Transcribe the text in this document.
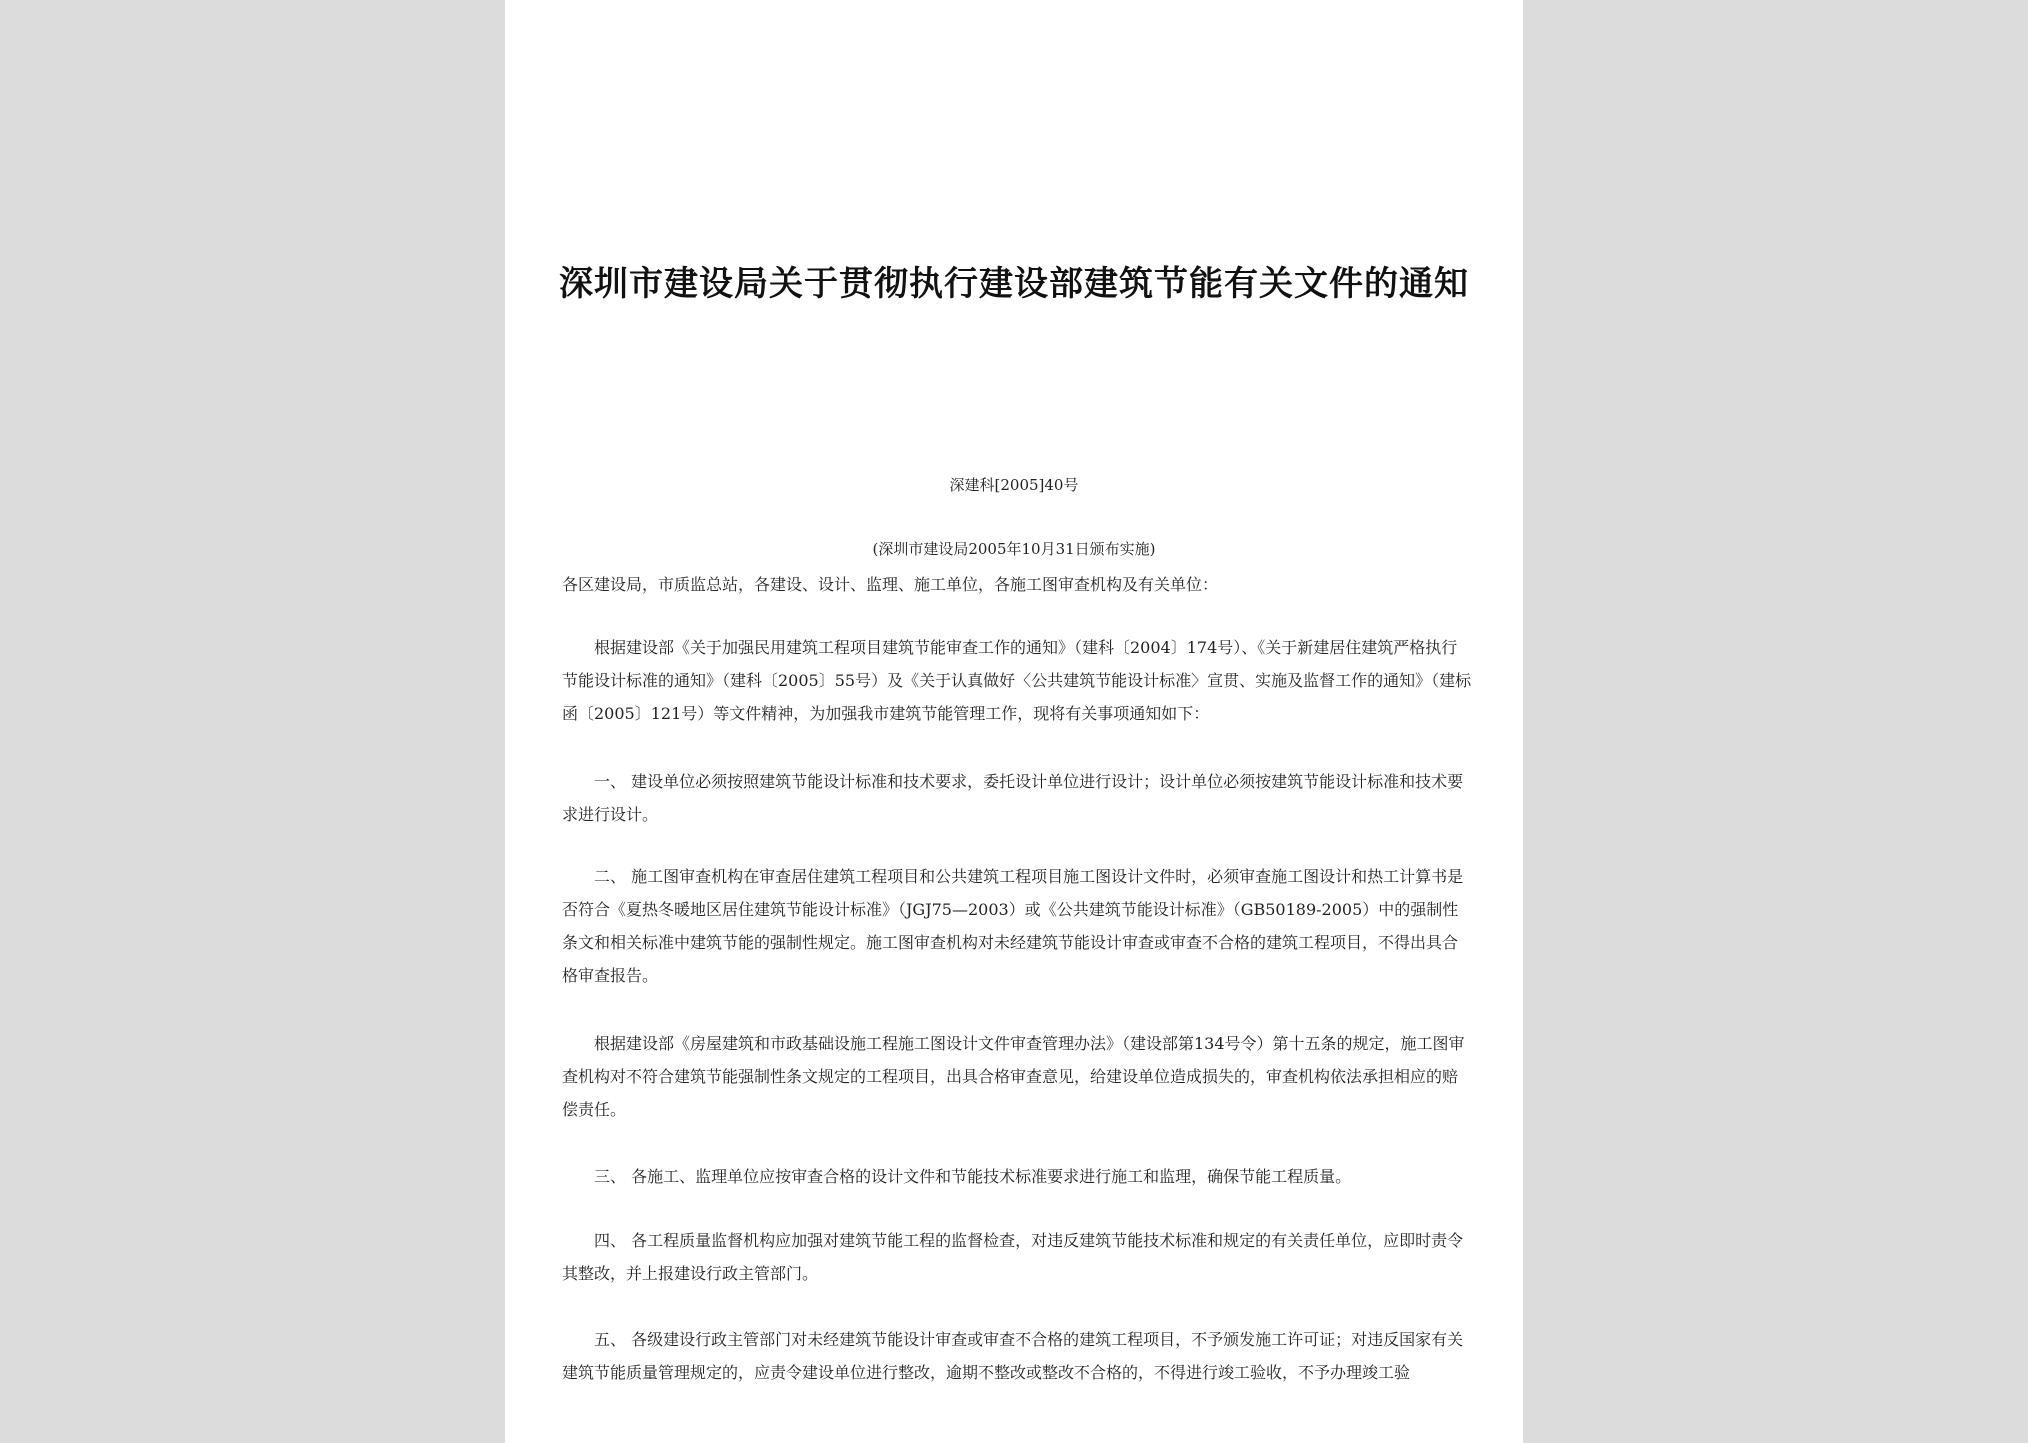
深圳市建设局关于贯彻执行建设部建筑节能有关文件的通知
深建科[2005]40号
(深圳市建设局2005年10月31日颁布实施)

各区建设局，市质监总站，各建设、设计、监理、施工单位，各施工图审查机构及有关单位：

根据建设部《关于加强民用建筑工程项目建筑节能审查工作的通知》（建科〔2004〕174号）、《关于新建居住建筑严格执行节能设计标准的通知》（建科〔2005〕55号）及《关于认真做好〈公共建筑节能设计标准〉宣贯、实施及监督工作的通知》（建标函〔2005〕121号）等文件精神，为加强我市建筑节能管理工作，现将有关事项通知如下：

一、 建设单位必须按照建筑节能设计标准和技术要求，委托设计单位进行设计；设计单位必须按建筑节能设计标准和技术要求进行设计。

二、 施工图审查机构在审查居住建筑工程项目和公共建筑工程项目施工图设计文件时，必须审查施工图设计和热工计算书是否符合《夏热冬暖地区居住建筑节能设计标准》（JGJ75—2003）或《公共建筑节能设计标准》（GB50189-2005）中的强制性条文和相关标准中建筑节能的强制性规定。施工图审查机构对未经建筑节能设计审查或审查不合格的建筑工程项目，不得出具合格审查报告。

根据建设部《房屋建筑和市政基础设施工程施工图设计文件审查管理办法》（建设部第134号令）第十五条的规定，施工图审查机构对不符合建筑节能强制性条文规定的工程项目，出具合格审查意见，给建设单位造成损失的，审查机构依法承担相应的赔偿责任。

三、 各施工、监理单位应按审查合格的设计文件和节能技术标准要求进行施工和监理，确保节能工程质量。

四、 各工程质量监督机构应加强对建筑节能工程的监督检查，对违反建筑节能技术标准和规定的有关责任单位，应即时责令其整改，并上报建设行政主管部门。

五、 各级建设行政主管部门对未经建筑节能设计审查或审查不合格的建筑工程项目，不予颁发施工许可证；对违反国家有关建筑节能质量管理规定的，应责令建设单位进行整改，逾期不整改或整改不合格的，不得进行竣工验收，不予办理竣工验
